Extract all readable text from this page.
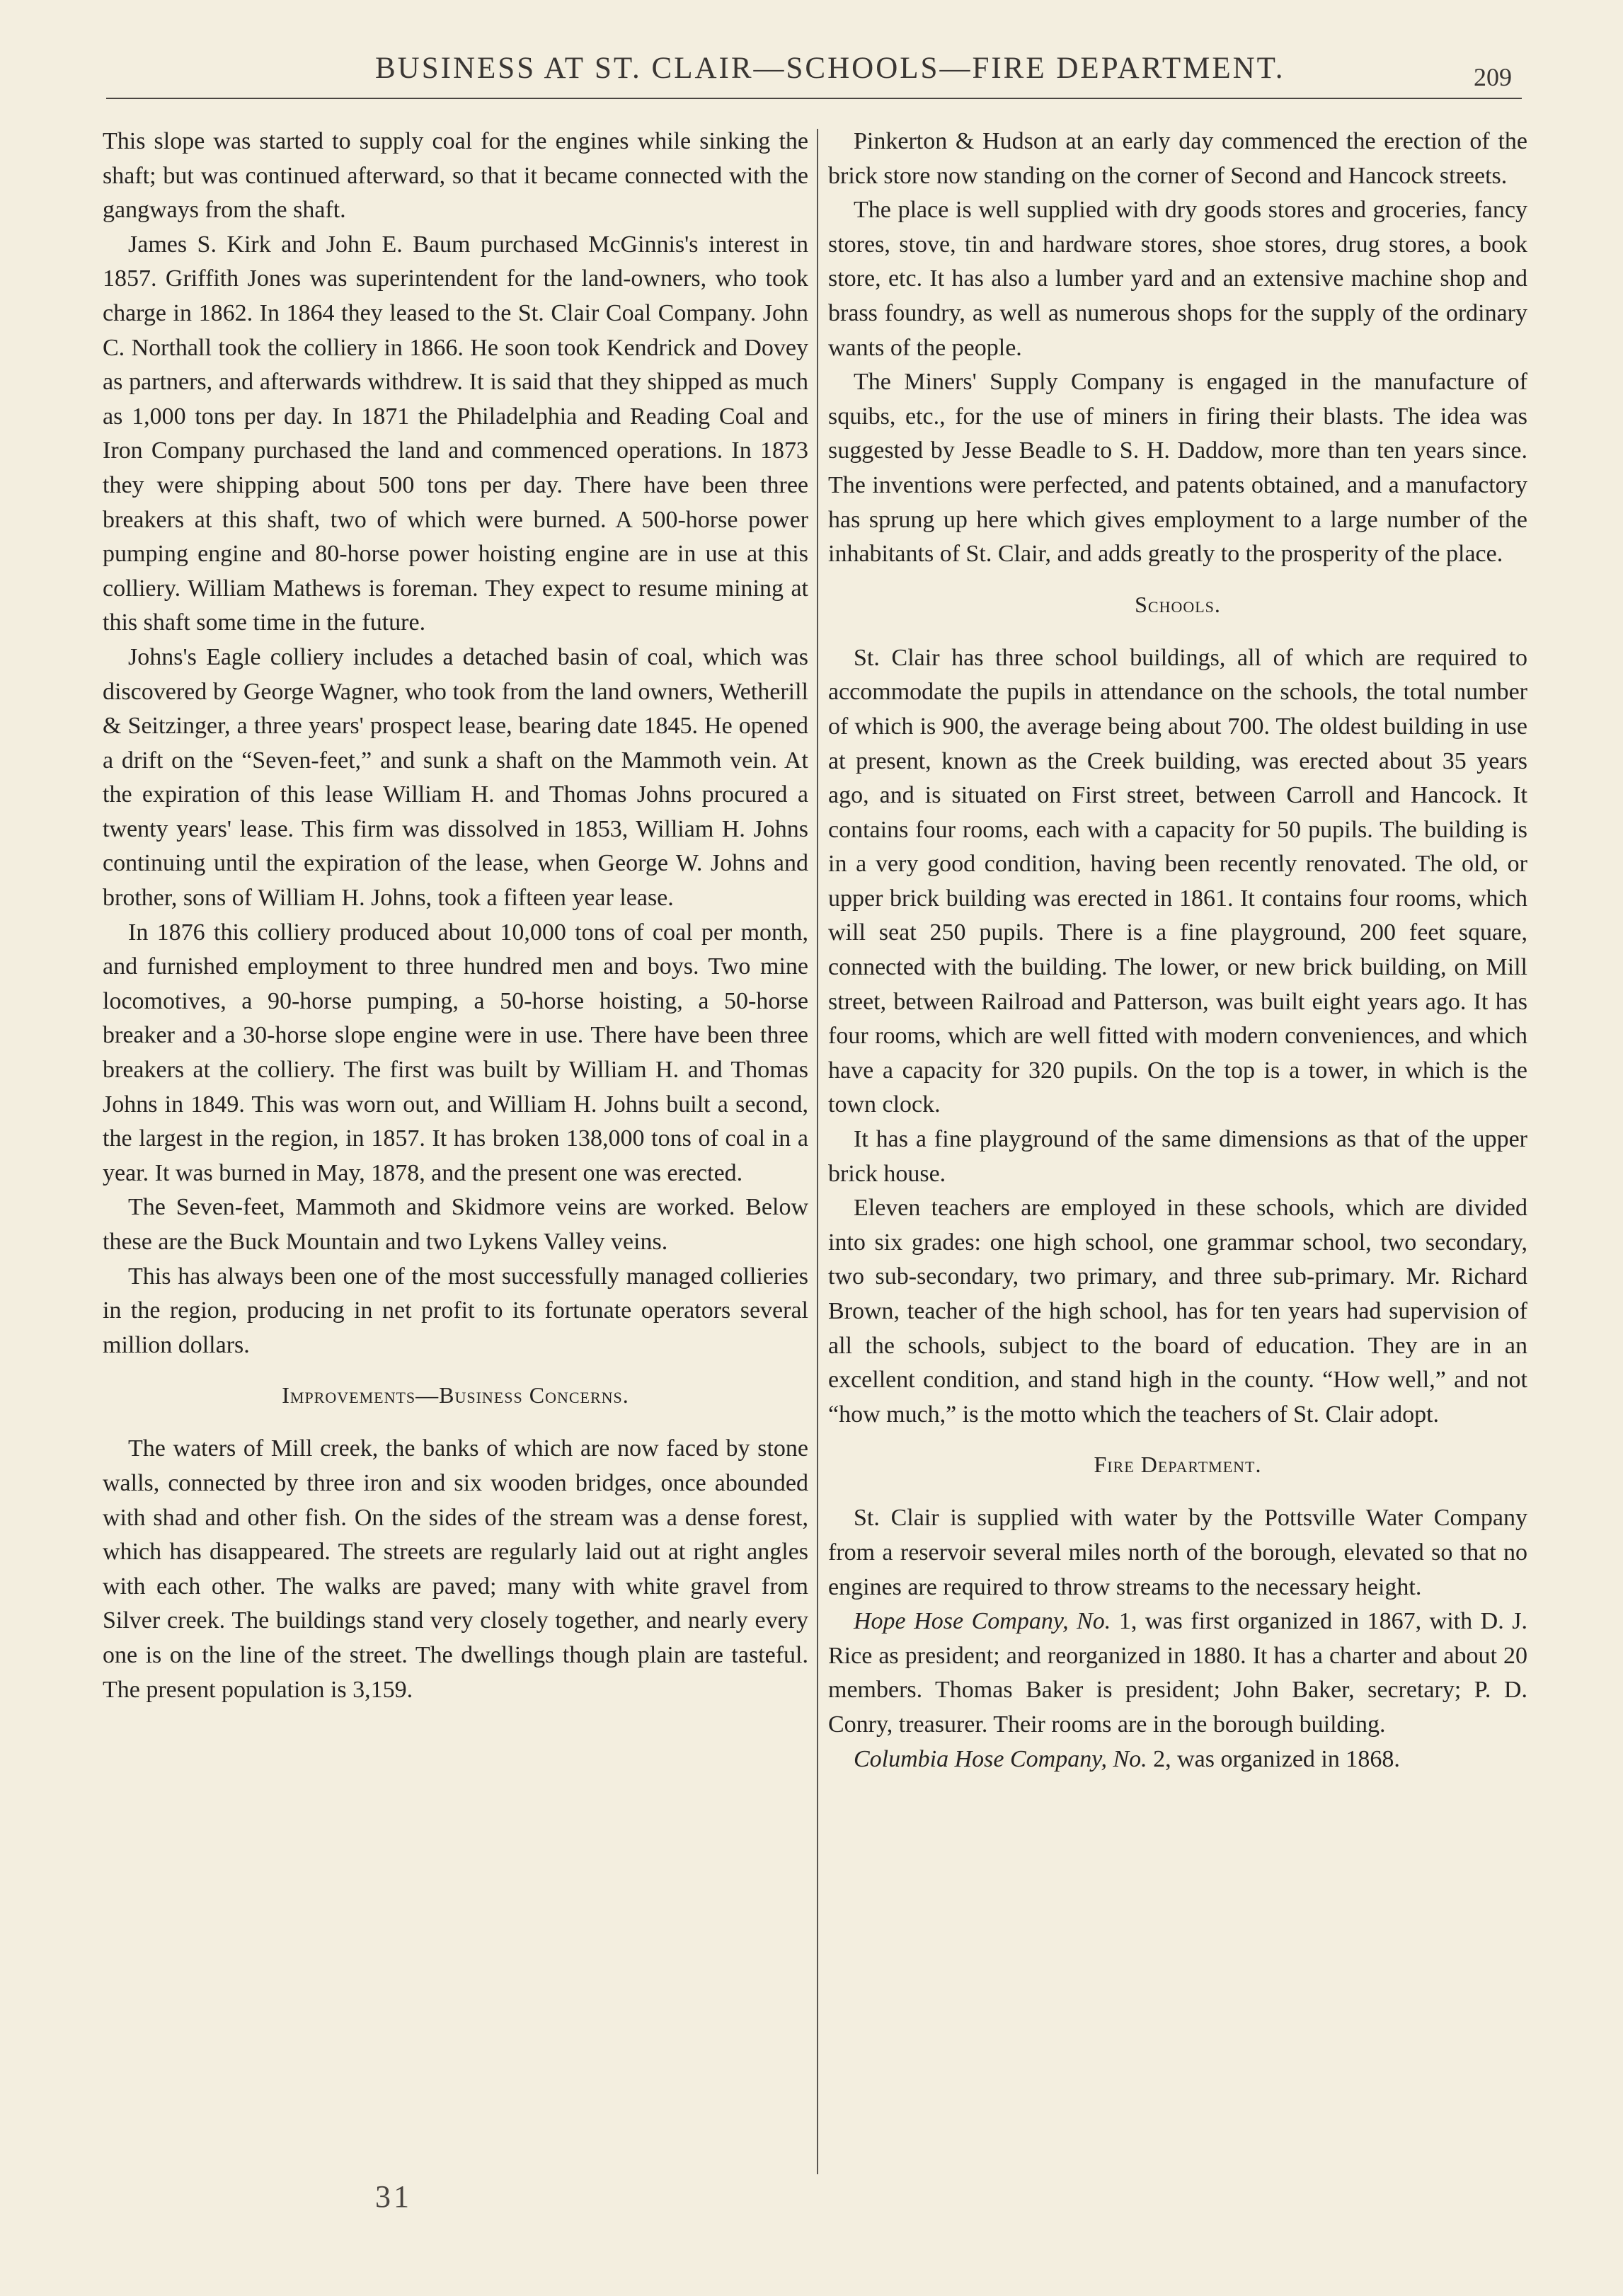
BUSINESS AT ST. CLAIR—SCHOOLS—FIRE DEPARTMENT.	209

This slope was started to supply coal for the engines while sinking the shaft; but was continued afterward, so that it became connected with the gangways from the shaft.

James S. Kirk and John E. Baum purchased McGinnis's interest in 1857. Griffith Jones was superintendent for the land-owners, who took charge in 1862. In 1864 they leased to the St. Clair Coal Company. John C. Northall took the colliery in 1866. He soon took Kendrick and Dovey as partners, and afterwards withdrew. It is said that they shipped as much as 1,000 tons per day. In 1871 the Philadelphia and Reading Coal and Iron Company purchased the land and commenced operations. In 1873 they were shipping about 500 tons per day. There have been three breakers at this shaft, two of which were burned. A 500-horse power pumping engine and 80-horse power hoisting engine are in use at this colliery. William Mathews is foreman. They expect to resume mining at this shaft some time in the future.

Johns's Eagle colliery includes a detached basin of coal, which was discovered by George Wagner, who took from the land owners, Wetherill & Seitzinger, a three years' prospect lease, bearing date 1845. He opened a drift on the “Seven-feet,” and sunk a shaft on the Mammoth vein. At the expiration of this lease William H. and Thomas Johns procured a twenty years' lease. This firm was dissolved in 1853, William H. Johns continuing until the expiration of the lease, when George W. Johns and brother, sons of William H. Johns, took a fifteen year lease.

In 1876 this colliery produced about 10,000 tons of coal per month, and furnished employment to three hundred men and boys. Two mine locomotives, a 90-horse pumping, a 50-horse hoisting, a 50-horse breaker and a 30-horse slope engine were in use. There have been three breakers at the colliery. The first was built by William H. and Thomas Johns in 1849. This was worn out, and William H. Johns built a second, the largest in the region, in 1857. It has broken 138,000 tons of coal in a year. It was burned in May, 1878, and the present one was erected.

The Seven-feet, Mammoth and Skidmore veins are worked. Below these are the Buck Mountain and two Lykens Valley veins.

This has always been one of the most successfully managed collieries in the region, producing in net profit to its fortunate operators several million dollars.

Improvements—Business Concerns.

The waters of Mill creek, the banks of which are now faced by stone walls, connected by three iron and six wooden bridges, once abounded with shad and other fish. On the sides of the stream was a dense forest, which has disappeared. The streets are regularly laid out at right angles with each other. The walks are paved; many with white gravel from Silver creek. The buildings stand very closely together, and nearly every one is on the line of the street. The dwellings though plain are tasteful. The present population is 3,159.

Pinkerton & Hudson at an early day commenced the erection of the brick store now standing on the corner of Second and Hancock streets.

The place is well supplied with dry goods stores and groceries, fancy stores, stove, tin and hardware stores, shoe stores, drug stores, a book store, etc. It has also a lumber yard and an extensive machine shop and brass foundry, as well as numerous shops for the supply of the ordinary wants of the people.

The Miners' Supply Company is engaged in the manufacture of squibs, etc., for the use of miners in firing their blasts. The idea was suggested by Jesse Beadle to S. H. Daddow, more than ten years since. The inventions were perfected, and patents obtained, and a manufactory has sprung up here which gives employment to a large number of the inhabitants of St. Clair, and adds greatly to the prosperity of the place.

Schools.

St. Clair has three school buildings, all of which are required to accommodate the pupils in attendance on the schools, the total number of which is 900, the average being about 700. The oldest building in use at present, known as the Creek building, was erected about 35 years ago, and is situated on First street, between Carroll and Hancock. It contains four rooms, each with a capacity for 50 pupils. The building is in a very good condition, having been recently renovated. The old, or upper brick building was erected in 1861. It contains four rooms, which will seat 250 pupils. There is a fine playground, 200 feet square, connected with the building. The lower, or new brick building, on Mill street, between Railroad and Patterson, was built eight years ago. It has four rooms, which are well fitted with modern conveniences, and which have a capacity for 320 pupils. On the top is a tower, in which is the town clock.

It has a fine playground of the same dimensions as that of the upper brick house.

Eleven teachers are employed in these schools, which are divided into six grades: one high school, one grammar school, two secondary, two sub-secondary, two primary, and three sub-primary. Mr. Richard Brown, teacher of the high school, has for ten years had supervision of all the schools, subject to the board of education. They are in an excellent condition, and stand high in the county. “How well,” and not “how much,” is the motto which the teachers of St. Clair adopt.

Fire Department.

St. Clair is supplied with water by the Pottsville Water Company from a reservoir several miles north of the borough, elevated so that no engines are required to throw streams to the necessary height.

Hope Hose Company, No. 1, was first organized in 1867, with D. J. Rice as president; and reorganized in 1880. It has a charter and about 20 members. Thomas Baker is president; John Baker, secretary; P. D. Conry, treasurer. Their rooms are in the borough building.

Columbia Hose Company, No. 2, was organized in 1868.

31
